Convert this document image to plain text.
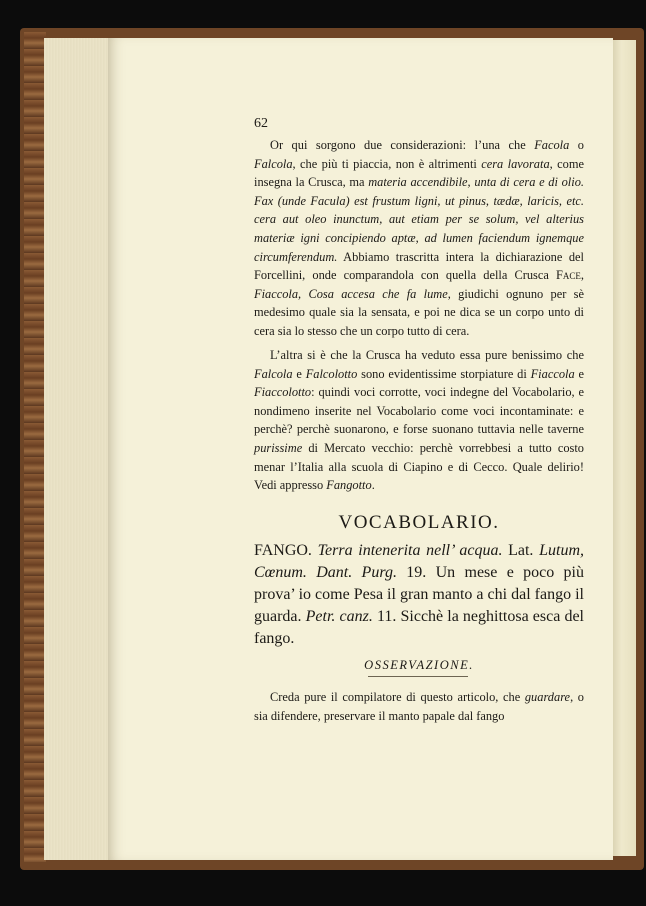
62

Or qui sorgono due considerazioni: l’una che Facola o Falcola, che più ti piaccia, non è altrimenti cera lavorata, come insegna la Crusca, ma materia accendibile, unta di cera e di olio. Fax (unde Facula) est frustum ligni, ut pinus, tædæ, laricis, etc. cera aut oleo inunctum, aut etiam per se solum, vel alterius materiæ igni concipiendo aptæ, ad lumen faciendum ignemque circumferendum. Abbiamo trascritta intera la dichiarazione del Forcellini, onde comparandola con quella della Crusca Face, Fiaccola, Cosa accesa che fa lume, giudichi ognuno per sè medesimo quale sia la sensata, e poi ne dica se un corpo unto di cera sia lo stesso che un corpo tutto di cera.

L’altra si è che la Crusca ha veduto essa pure benissimo che Falcola e Falcolotto sono evidentissime storpiature di Fiaccola e Fiaccolotto: quindi voci corrotte, voci indegne del Vocabolario, e nondimeno inserite nel Vocabolario come voci incontaminate: e perchè? perchè suonarono, e forse suonano tuttavia nelle taverne purissime di Mercato vecchio: perchè vorrebbesi a tutto costo menar l’Italia alla scuola di Ciapino e di Cecco. Quale delirio! Vedi appresso Fangotto.

VOCABOLARIO.
FANGO. Terra intenerita nell’ acqua. Lat. Lutum, Cœnum. Dant. Purg. 19. Un mese e poco più prova’ io come Pesa il gran manto a chi dal fango il guarda. Petr. canz. 11. Sicchè la neghittosa esca del fango.
OSSERVAZIONE.

Creda pure il compilatore di questo articolo, che guardare, o sia difendere, preservare il manto papale dal fango
